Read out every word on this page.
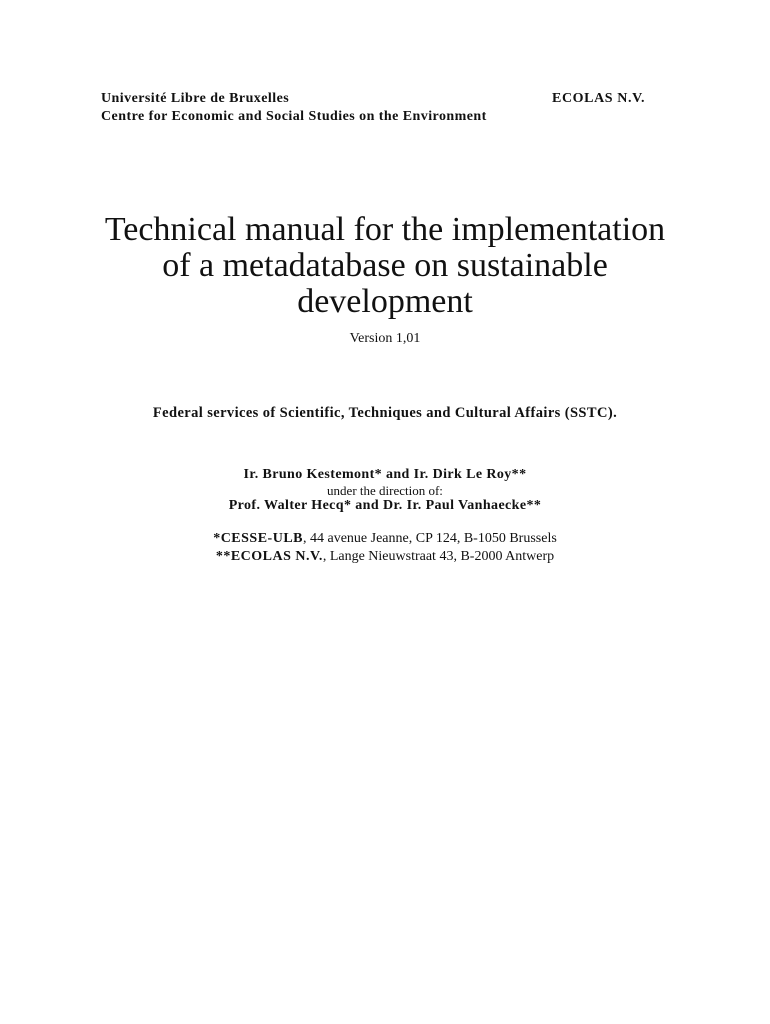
Université Libre de Bruxelles
Centre for Economic and Social Studies on the Environment
ECOLAS N.V.
Technical manual for the implementation
of a metadatabase on sustainable
development
Version 1,01
Federal services of Scientific, Techniques and Cultural Affairs (SSTC).
Ir. Bruno Kestemont* and Ir. Dirk Le Roy**
under the direction of:
Prof. Walter Hecq* and Dr. Ir. Paul Vanhaecke**
*CESSE-ULB, 44 avenue Jeanne, CP 124, B-1050 Brussels
**ECOLAS N.V., Lange Nieuwstraat 43, B-2000 Antwerp
